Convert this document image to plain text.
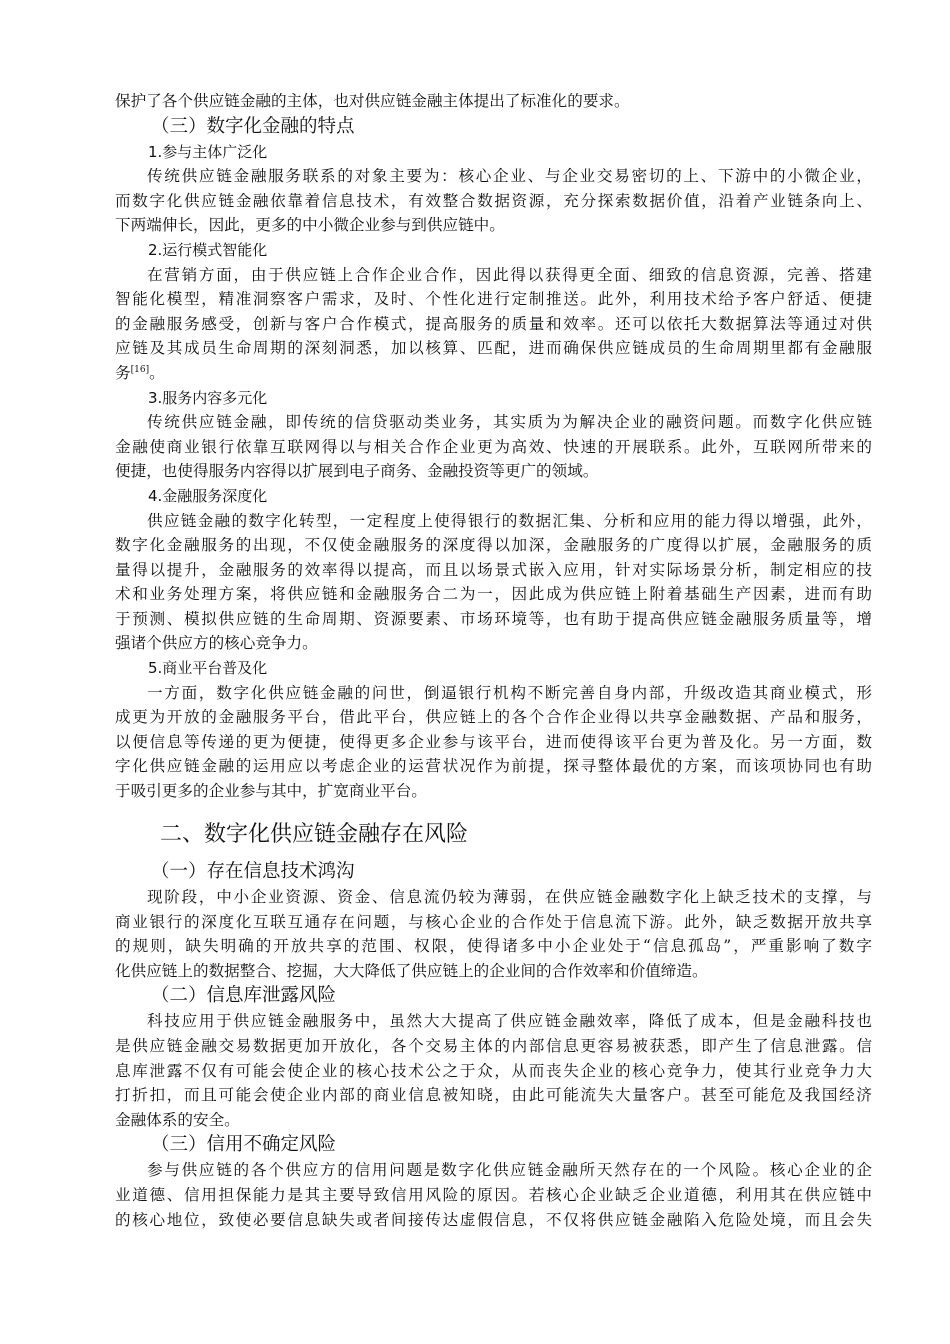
保护了各个供应链金融的主体，也对供应链金融主体提出了标准化的要求。
（三）数字化金融的特点
1.参与主体广泛化
传统供应链金融服务联系的对象主要为：核心企业、与企业交易密切的上、下游中的小微企业，
而数字化供应链金融依靠着信息技术，有效整合数据资源，充分探索数据价值，沿着产业链条向上、
下两端伸长，因此，更多的中小微企业参与到供应链中。
2.运行模式智能化
在营销方面，由于供应链上合作企业合作，因此得以获得更全面、细致的信息资源，完善、搭建
智能化模型，精准洞察客户需求，及时、个性化进行定制推送。此外，利用技术给予客户舒适、便捷
的金融服务感受，创新与客户合作模式，提高服务的质量和效率。还可以依托大数据算法等通过对供
应链及其成员生命周期的深刻洞悉，加以核算、匹配，进而确保供应链成员的生命周期里都有金融服
务[16]。
3.服务内容多元化
传统供应链金融，即传统的信贷驱动类业务，其实质为为解决企业的融资问题。而数字化供应链
金融使商业银行依靠互联网得以与相关合作企业更为高效、快速的开展联系。此外，互联网所带来的
便捷，也使得服务内容得以扩展到电子商务、金融投资等更广的领域。
4.金融服务深度化
供应链金融的数字化转型，一定程度上使得银行的数据汇集、分析和应用的能力得以增强，此外，
数字化金融服务的出现，不仅使金融服务的深度得以加深，金融服务的广度得以扩展，金融服务的质
量得以提升，金融服务的效率得以提高，而且以场景式嵌入应用，针对实际场景分析，制定相应的技
术和业务处理方案，将供应链和金融服务合二为一，因此成为供应链上附着基础生产因素，进而有助
于预测、模拟供应链的生命周期、资源要素、市场环境等，也有助于提高供应链金融服务质量等，增
强诸个供应方的核心竞争力。
5.商业平台普及化
一方面，数字化供应链金融的问世，倒逼银行机构不断完善自身内部，升级改造其商业模式，形
成更为开放的金融服务平台，借此平台，供应链上的各个合作企业得以共享金融数据、产品和服务，
以便信息等传递的更为便捷，使得更多企业参与该平台，进而使得该平台更为普及化。另一方面，数
字化供应链金融的运用应以考虑企业的运营状况作为前提，探寻整体最优的方案，而该项协同也有助
于吸引更多的企业参与其中，扩宽商业平台。
二、数字化供应链金融存在风险
（一）存在信息技术鸿沟
现阶段，中小企业资源、资金、信息流仍较为薄弱，在供应链金融数字化上缺乏技术的支撑，与
商业银行的深度化互联互通存在问题，与核心企业的合作处于信息流下游。此外，缺乏数据开放共享
的规则，缺失明确的开放共享的范围、权限，使得诸多中小企业处于“信息孤岛”，严重影响了数字
化供应链上的数据整合、挖掘，大大降低了供应链上的企业间的合作效率和价值缔造。
（二）信息库泄露风险
科技应用于供应链金融服务中，虽然大大提高了供应链金融效率，降低了成本，但是金融科技也
是供应链金融交易数据更加开放化，各个交易主体的内部信息更容易被获悉，即产生了信息泄露。信
息库泄露不仅有可能会使企业的核心技术公之于众，从而丧失企业的核心竞争力，使其行业竞争力大
打折扣，而且可能会使企业内部的商业信息被知晓，由此可能流失大量客户。甚至可能危及我国经济
金融体系的安全。
（三）信用不确定风险
参与供应链的各个供应方的信用问题是数字化供应链金融所天然存在的一个风险。核心企业的企
业道德、信用担保能力是其主要导致信用风险的原因。若核心企业缺乏企业道德，利用其在供应链中
的核心地位，致使必要信息缺失或者间接传达虚假信息，不仅将供应链金融陷入危险处境，而且会失
